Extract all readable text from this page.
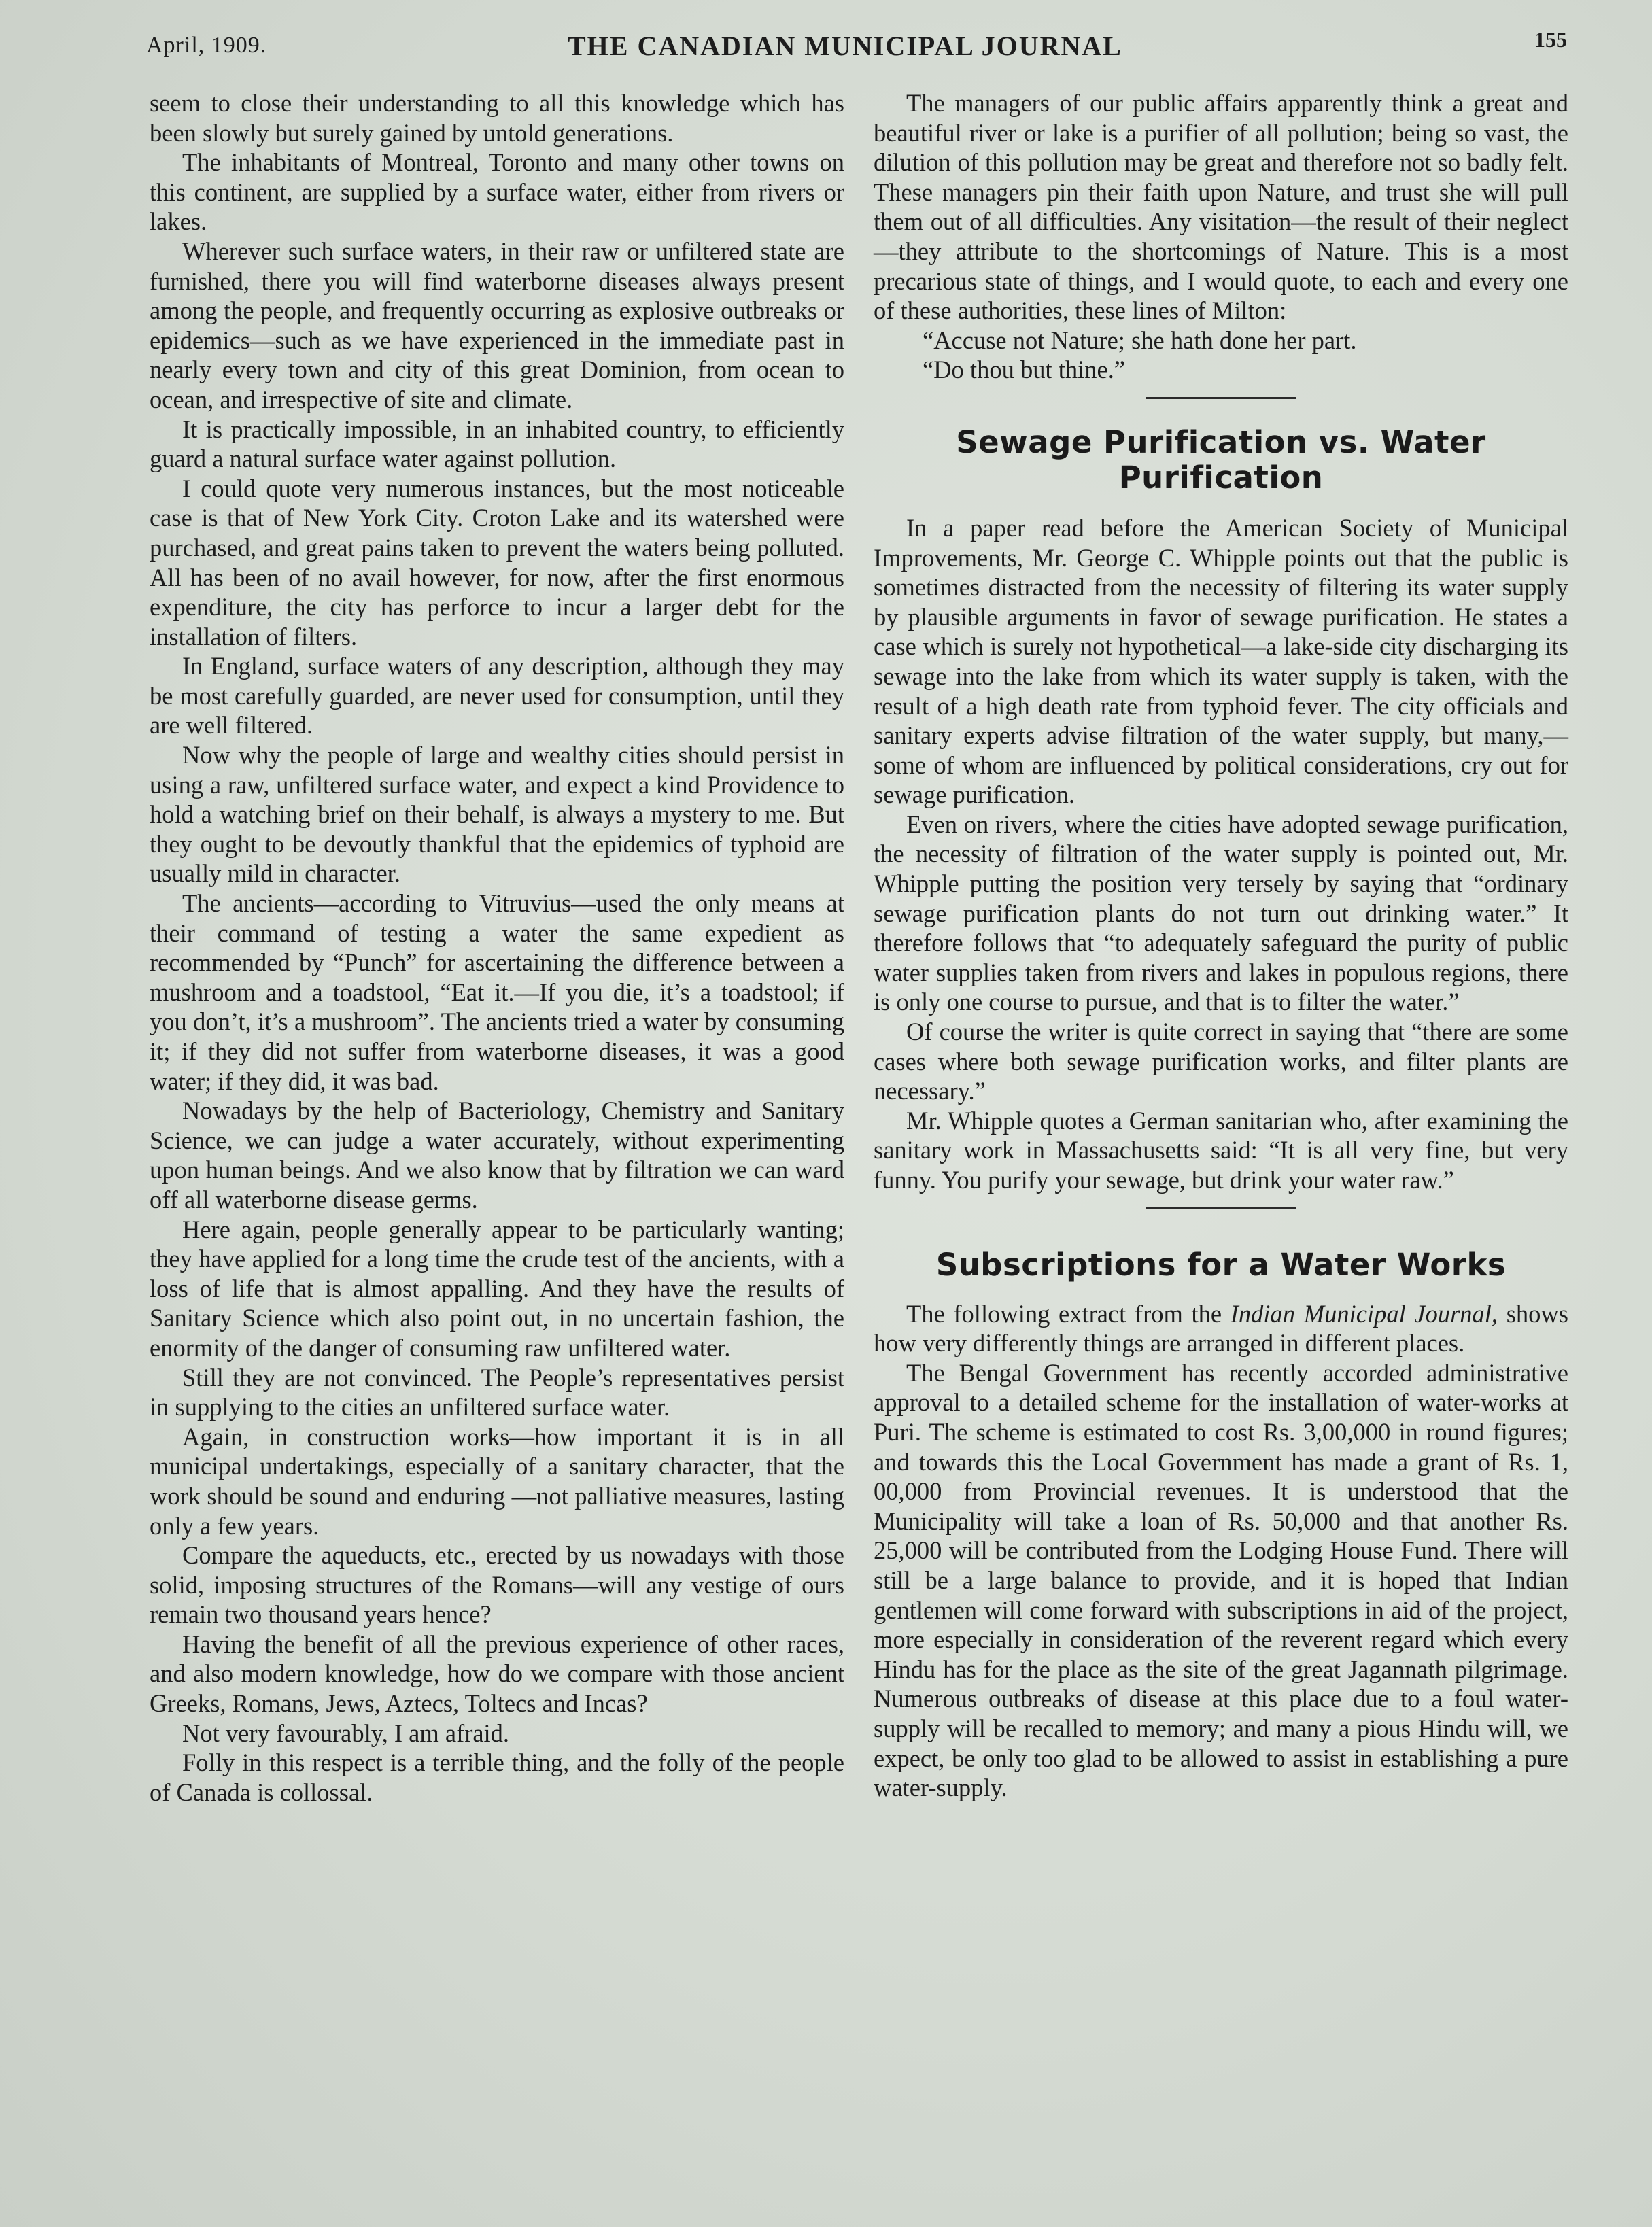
April, 1909.	THE CANADIAN MUNICIPAL JOURNAL	155

seem to close their understanding to all this knowledge which has been slowly but surely gained by untold generations.

The inhabitants of Montreal, Toronto and many other towns on this continent, are supplied by a surface water, either from rivers or lakes.

Wherever such surface waters, in their raw or unfiltered state are furnished, there you will find waterborne diseases always present among the people, and frequently occurring as explosive outbreaks or epidemics—such as we have experienced in the immediate past in nearly every town and city of this great Dominion, from ocean to ocean, and irrespective of site and climate.

It is practically impossible, in an inhabited country, to efficiently guard a natural surface water against pollution.

I could quote very numerous instances, but the most noticeable case is that of New York City. Croton Lake and its watershed were purchased, and great pains taken to prevent the waters being polluted. All has been of no avail however, for now, after the first enormous expenditure, the city has perforce to incur a larger debt for the installation of filters.

In England, surface waters of any description, although they may be most carefully guarded, are never used for consumption, until they are well filtered.

Now why the people of large and wealthy cities should persist in using a raw, unfiltered surface water, and expect a kind Providence to hold a watching brief on their behalf, is always a mystery to me. But they ought to be devoutly thankful that the epidemics of typhoid are usually mild in character.

The ancients—according to Vitruvius—used the only means at their command of testing a water the same expedient as recommended by “Punch” for ascertaining the difference between a mushroom and a toadstool, “Eat it.—If you die, it’s a toadstool; if you don’t, it’s a mushroom”. The ancients tried a water by consuming it; if they did not suffer from waterborne diseases, it was a good water; if they did, it was bad.

Nowadays by the help of Bacteriology, Chemistry and Sanitary Science, we can judge a water accurately, without experimenting upon human beings. And we also know that by filtration we can ward off all waterborne disease germs.

Here again, people generally appear to be particularly wanting; they have applied for a long time the crude test of the ancients, with a loss of life that is almost appalling. And they have the results of Sanitary Science which also point out, in no uncertain fashion, the enormity of the danger of consuming raw unfiltered water.

Still they are not convinced. The People’s representatives persist in supplying to the cities an unfiltered surface water.

Again, in construction works—how important it is in all municipal undertakings, especially of a sanitary character, that the work should be sound and enduring —not palliative measures, lasting only a few years.

Compare the aqueducts, etc., erected by us nowadays with those solid, imposing structures of the Romans—will any vestige of ours remain two thousand years hence?

Having the benefit of all the previous experience of other races, and also modern knowledge, how do we compare with those ancient Greeks, Romans, Jews, Aztecs, Toltecs and Incas?

Not very favourably, I am afraid.

Folly in this respect is a terrible thing, and the folly of the people of Canada is collossal.

The managers of our public affairs apparently think a great and beautiful river or lake is a purifier of all pollution; being so vast, the dilution of this pollution may be great and therefore not so badly felt. These managers pin their faith upon Nature, and trust she will pull them out of all difficulties. Any visitation—the result of their neglect—they attribute to the shortcomings of Nature. This is a most precarious state of things, and I would quote, to each and every one of these authorities, these lines of Milton:

“Accuse not Nature; she hath done her part.

“Do thou but thine.”

Sewage Purification vs. Water Purification

In a paper read before the American Society of Municipal Improvements, Mr. George C. Whipple points out that the public is sometimes distracted from the necessity of filtering its water supply by plausible arguments in favor of sewage purification. He states a case which is surely not hypothetical—a lake-side city discharging its sewage into the lake from which its water supply is taken, with the result of a high death rate from typhoid fever. The city officials and sanitary experts advise filtration of the water supply, but many,—some of whom are influenced by political considerations, cry out for sewage purification.

Even on rivers, where the cities have adopted sewage purification, the necessity of filtration of the water supply is pointed out, Mr. Whipple putting the position very tersely by saying that “ordinary sewage purification plants do not turn out drinking water.” It therefore follows that “to adequately safeguard the purity of public water supplies taken from rivers and lakes in populous regions, there is only one course to pursue, and that is to filter the water.”

Of course the writer is quite correct in saying that “there are some cases where both sewage purification works, and filter plants are necessary.”

Mr. Whipple quotes a German sanitarian who, after examining the sanitary work in Massachusetts said: “It is all very fine, but very funny. You purify your sewage, but drink your water raw.”

Subscriptions for a Water Works

The following extract from the Indian Municipal Journal, shows how very differently things are arranged in different places.

The Bengal Government has recently accorded administrative approval to a detailed scheme for the installation of water-works at Puri. The scheme is estimated to cost Rs. 3,00,000 in round figures; and towards this the Local Government has made a grant of Rs. 1, 00,000 from Provincial revenues. It is understood that the Municipality will take a loan of Rs. 50,000 and that another Rs. 25,000 will be contributed from the Lodging House Fund. There will still be a large balance to provide, and it is hoped that Indian gentlemen will come forward with subscriptions in aid of the project, more especially in consideration of the reverent regard which every Hindu has for the place as the site of the great Jagannath pilgrimage. Numerous outbreaks of disease at this place due to a foul water-supply will be recalled to memory; and many a pious Hindu will, we expect, be only too glad to be allowed to assist in establishing a pure water-supply.
